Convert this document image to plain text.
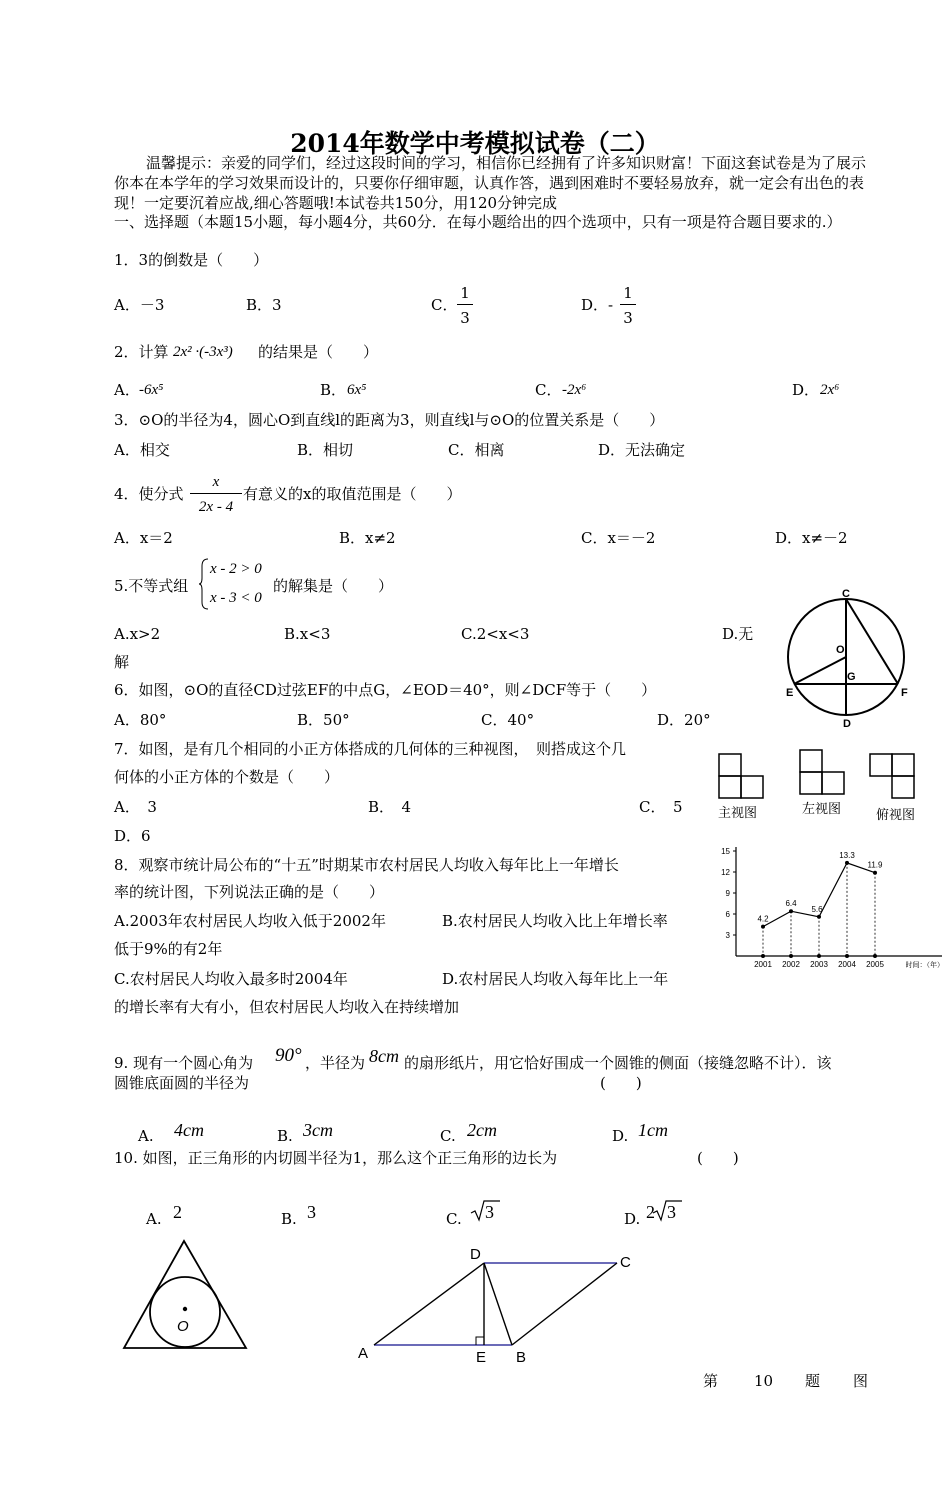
2014年数学中考模拟试卷（二）
温馨提示：亲爱的同学们，经过这段时间的学习，相信你已经拥有了许多知识财富！下面这套试卷是为了展示你本在本学年的学习效果而设计的，只要你仔细审题，认真作答，遇到困难时不要轻易放弃，就一定会有出色的表现！一定要沉着应战,细心答题哦!本试卷共150分，用120分钟完成
一、选择题（本题15小题，每小题4分，共60分．在每小题给出的四个选项中，只有一项是符合题目要求的.）
1．3的倒数是（　　）
A．－3	B．3	C．
1
3
D． -
1
3
2．计算 2x² ·(-3x³) 的结果是（　　）
A． -6x⁵	B． 6x⁵	C． -2x⁶	D． 2x⁶
3．⊙O的半径为4，圆心O到直线l的距离为3，则直线l与⊙O的位置关系是（　　）
A．相交	B．相切	C．相离	D．无法确定
4．使分式
x
2x - 4
有意义的x的取值范围是（　　）
A．x＝2	B．x≠2	C．x＝－2	D．x≠－2
5.不等式组
x - 2 > 0
x - 3 < 0
的解集是（　　）
A.x>2	B.x<3	C.2<x<3	D.无
解
C
O
G
E	F
D
6．如图，⊙O的直径CD过弦EF的中点G，∠EOD＝40°，则∠DCF等于（　　）
A．80°	B．50°	C．40°	D．20°
7．如图，是有几个相同的小正方体搭成的几何体的三种视图，　则搭成这个几
何体的小正方体的个数是（　　）
A．　3	B．　4	C．　5
D．6
主视图	左视图	俯视图
8．观察市统计局公布的“十五”时期某市农村居民人均收入每年比上一年增长
率的统计图，下列说法正确的是（　　）
A.2003年农村居民人均收入低于2002年	B.农村居民人均收入比上年增长率
低于9%的有2年
C.农村居民人均收入最多时2004年	D.农村居民人均收入每年比上一年
的增长率有大有小，但农村居民人均收入在持续增加
3
6
9
12
15
2001 2002 2003 2004 2005
4.2
6.4
5.6
13.3
11.9
时间：（年）
9. 现有一个圆心角为 90° ，半径为 8cm 的扇形纸片，用它恰好围成一个圆锥的侧面（接缝忽略不计）．该
圆锥底面圆的半径为	(　　)
A. 4cm	B. 3cm	C. 2cm	D. 1cm
10. 如图，正三角形的内切圆半径为1，那么这个正三角形的边长为	(　　)
A. 2	B. 3	C. 3	D. 2 3
O
D	C
A	E B
第 10 题 图
